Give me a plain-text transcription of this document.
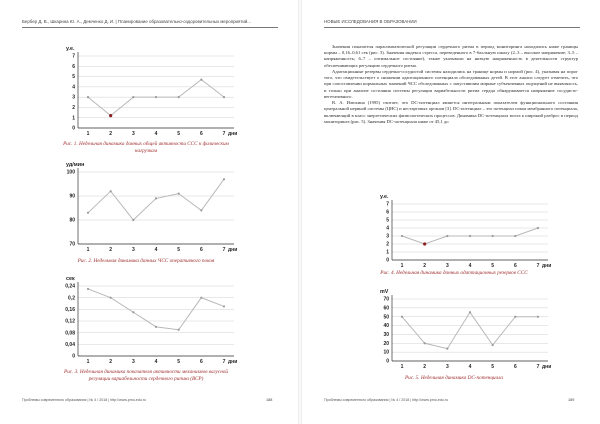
Бербер Д. В., Шкарина Ю. А., Демченко Д. И. | Планирование образовательно-оздоровительных мероприятий...
0
1
2
3
4
5
6
7
у.е.
1	2	3	4	5	6	7 дни
Рис. 1. Недельная динамика данных общей активности ССС к физическим нагрузкам
70
80
90
100
уд/мин
1	2	3	4	5	6	7 дни
Рис. 2. Недельная динамика данных ЧСС оперативного покоя
0
0,04
0,08
0,12
0,16
0,2
0,24
сек
1	2	3	4	5	6	7 дни
Рис. 3. Недельная динамика показателя активности механизмов вагусной регуляции вариабельности сердечного ритма (ВСР)
Проблемы современного образования | № 4 / 2018 | http://www.pmo-edu.ru	188
НОВЫЕ ИССЛЕДОВАНИЯ В ОБРАЗОВАНИИ

Значения показателя парасимпатической регуляции сердечного ритма в период мониторинга находились ниже границы нормы – 0,16–0,61 сек (рис. 3). Значения индекса стресса, переведенного в 7-балльную шкалу (2–3 – высокое напряжение; 3–5 – напряженность; 6–7 – оптимальное состояние), также указывали на низкую напряженность в деятельности структур обеспечивающих регуляцию сердечного ритма.

Адаптационные резервы сердечно-сосудистой системы находились на границе нормы и нормой (рис. 4), указывая на порог того, что свидетельствует о снижении адаптационного потенциала обследованных детей. В этот анализ следует отметить, что при сопоставлении нормальных значений ЧСС обследованных с запустившим мирные субъективных ощущений не выявлялось, и только при анализе состояния системы регуляции вариабельности ритма сердца обнаруживается напряжение сосудисто-вегетативного.

В. А. Илюхина (1995) считает, что DC-потенциал является интегральным показателем функционального состояния центральной нервной системы (ЦНС) и нестартовых органов [3]. DC-потенциал – это потенциал покоя мембранного потенциала, включающий в класс энергетических физиологических процессов. Динамика DC-потенциала мозга к широкий разброс в период мониторинга (рис. 5). Значения DC-потенциала ниже от 45,1 до

0
1
2
3
4
5
6
7
у.е.
1	2	3	4	5	6	7 дни
Рис. 4. Недельная динамика данных адаптационных резервов ССС
0
10
20
30
40
50
60
70
mV
1	2	3	4	5	6	7 дни
Рис. 5. Недельная динамика DC-потенциала
Проблемы современного образования | № 4 / 2018 | http://www.pmo-edu.ru	189
